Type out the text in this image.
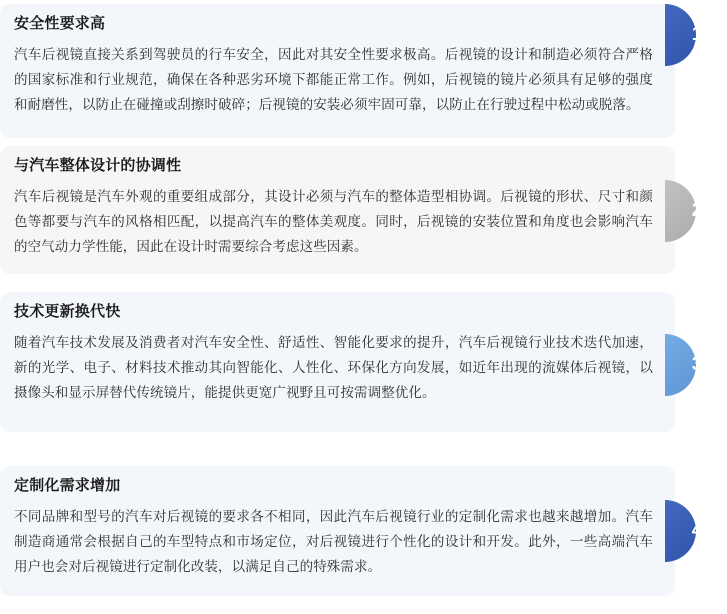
安全性要求高
汽车后视镜直接关系到驾驶员的行车安全，因此对其安全性要求极高。后视镜的设计和制造必须符合严格的国家标准和行业规范，确保在各种恶劣环境下都能正常工作。例如，后视镜的镜片必须具有足够的强度和耐磨性，以防止在碰撞或刮擦时破碎；后视镜的安装必须牢固可靠，以防止在行驶过程中松动或脱落。
1
与汽车整体设计的协调性
汽车后视镜是汽车外观的重要组成部分，其设计必须与汽车的整体造型相协调。后视镜的形状、尺寸和颜色等都要与汽车的风格相匹配，以提高汽车的整体美观度。同时，后视镜的安装位置和角度也会影响汽车的空气动力学性能，因此在设计时需要综合考虑这些因素。
2
技术更新换代快
随着汽车技术发展及消费者对汽车安全性、舒适性、智能化要求的提升，汽车后视镜行业技术迭代加速，新的光学、电子、材料技术推动其向智能化、人性化、环保化方向发展，如近年出现的流媒体后视镜，以摄像头和显示屏替代传统镜片，能提供更宽广视野且可按需调整优化。
3
定制化需求增加
不同品牌和型号的汽车对后视镜的要求各不相同，因此汽车后视镜行业的定制化需求也越来越增加。汽车制造商通常会根据自己的车型特点和市场定位，对后视镜进行个性化的设计和开发。此外，一些高端汽车用户也会对后视镜进行定制化改装，以满足自己的特殊需求。
4
